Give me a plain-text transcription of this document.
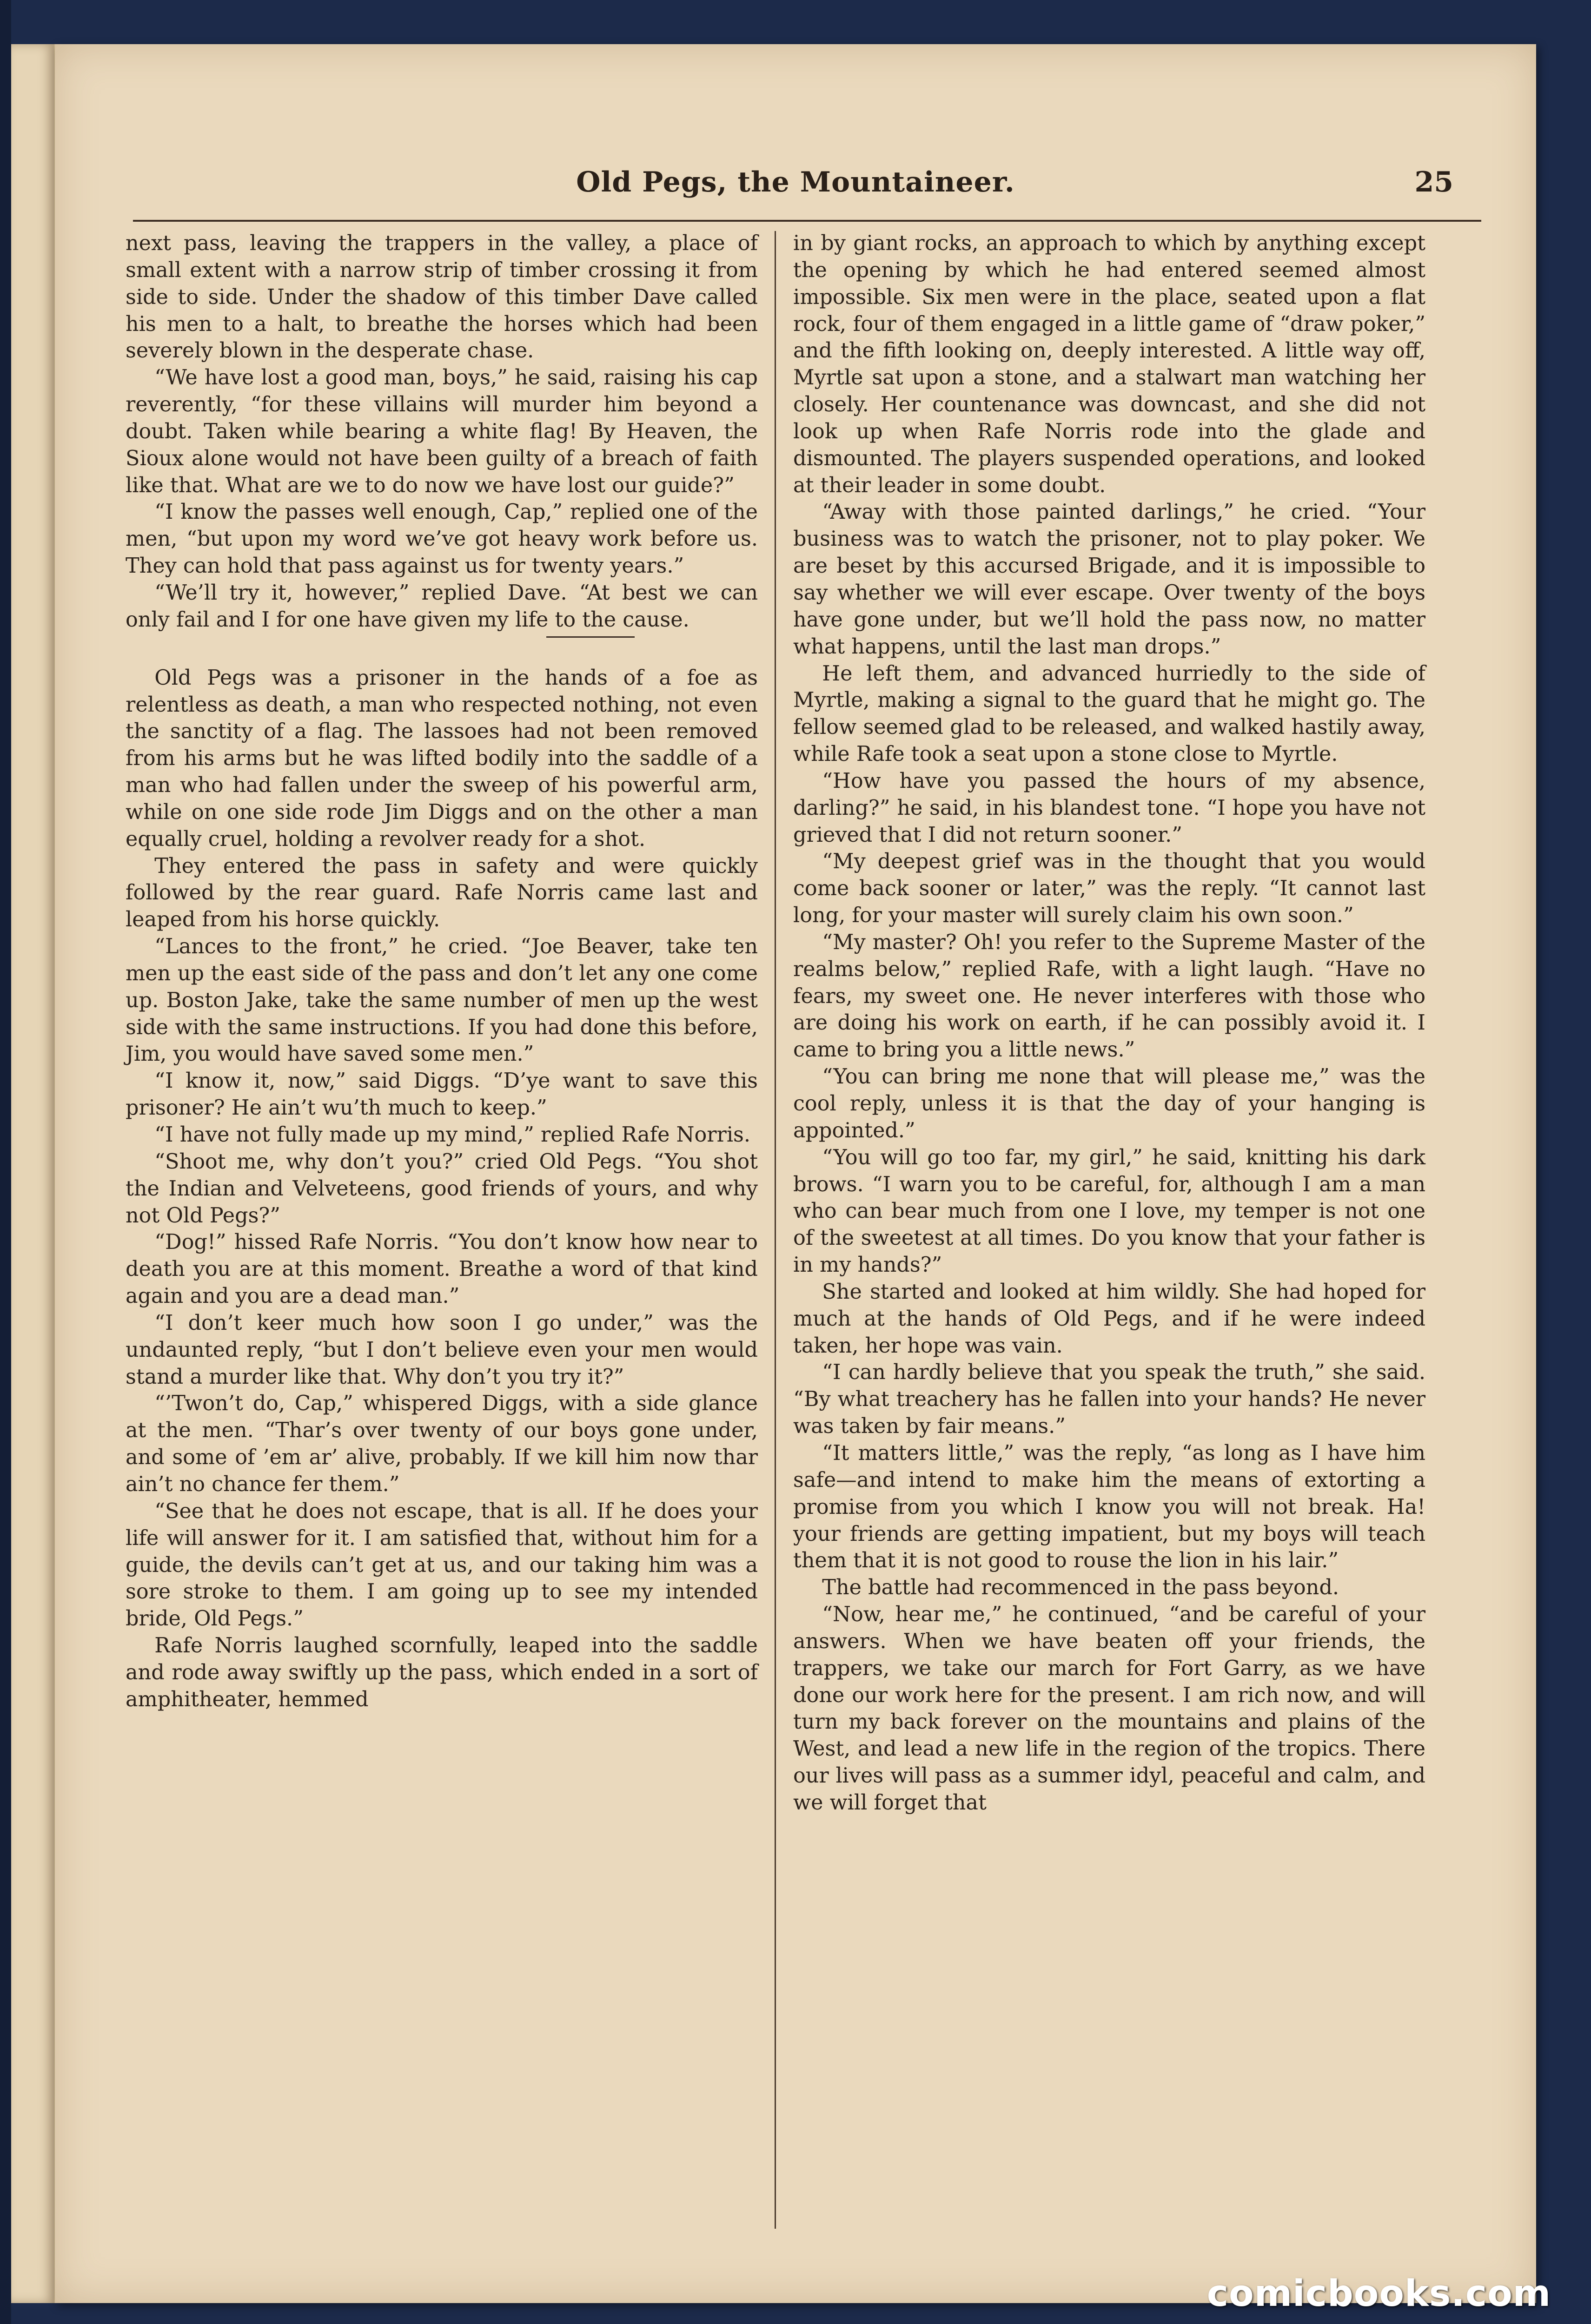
Old Pegs, the Mountaineer.	25

next pass, leaving the trappers in the valley, a place of small extent with a narrow strip of timber crossing it from side to side. Under the shadow of this timber Dave called his men to a halt, to breathe the horses which had been severely blown in the desperate chase.

“We have lost a good man, boys,” he said, raising his cap reverently, “for these villains will murder him beyond a doubt. Taken while bearing a white flag! By Heaven, the Sioux alone would not have been guilty of a breach of faith like that. What are we to do now we have lost our guide?”

“I know the passes well enough, Cap,” replied one of the men, “but upon my word we’ve got heavy work before us. They can hold that pass against us for twenty years.”

“We’ll try it, however,” replied Dave. “At best we can only fail and I for one have given my life to the cause.

Old Pegs was a prisoner in the hands of a foe as relentless as death, a man who respected nothing, not even the sanctity of a flag. The lassoes had not been removed from his arms but he was lifted bodily into the saddle of a man who had fallen under the sweep of his powerful arm, while on one side rode Jim Diggs and on the other a man equally cruel, holding a revolver ready for a shot.

They entered the pass in safety and were quickly followed by the rear guard. Rafe Norris came last and leaped from his horse quickly.

“Lances to the front,” he cried. “Joe Beaver, take ten men up the east side of the pass and don’t let any one come up. Boston Jake, take the same number of men up the west side with the same instructions. If you had done this before, Jim, you would have saved some men.”

“I know it, now,” said Diggs. “D’ye want to save this prisoner? He ain’t wu’th much to keep.”

“I have not fully made up my mind,” replied Rafe Norris.

“Shoot me, why don’t you?” cried Old Pegs. “You shot the Indian and Velveteens, good friends of yours, and why not Old Pegs?”

“Dog!” hissed Rafe Norris. “You don’t know how near to death you are at this moment. Breathe a word of that kind again and you are a dead man.”

“I don’t keer much how soon I go under,” was the undaunted reply, “but I don’t believe even your men would stand a murder like that. Why don’t you try it?”

“’Twon’t do, Cap,” whispered Diggs, with a side glance at the men. “Thar’s over twenty of our boys gone under, and some of ’em ar’ alive, probably. If we kill him now thar ain’t no chance fer them.”

“See that he does not escape, that is all. If he does your life will answer for it. I am satisfied that, without him for a guide, the devils can’t get at us, and our taking him was a sore stroke to them. I am going up to see my intended bride, Old Pegs.”

Rafe Norris laughed scornfully, leaped into the saddle and rode away swiftly up the pass, which ended in a sort of amphitheater, hemmed

in by giant rocks, an approach to which by anything except the opening by which he had entered seemed almost impossible. Six men were in the place, seated upon a flat rock, four of them engaged in a little game of “draw poker,” and the fifth looking on, deeply interested. A little way off, Myrtle sat upon a stone, and a stalwart man watching her closely. Her countenance was downcast, and she did not look up when Rafe Norris rode into the glade and dismounted. The players suspended operations, and looked at their leader in some doubt.

“Away with those painted darlings,” he cried. “Your business was to watch the prisoner, not to play poker. We are beset by this accursed Brigade, and it is impossible to say whether we will ever escape. Over twenty of the boys have gone under, but we’ll hold the pass now, no matter what happens, until the last man drops.”

He left them, and advanced hurriedly to the side of Myrtle, making a signal to the guard that he might go. The fellow seemed glad to be released, and walked hastily away, while Rafe took a seat upon a stone close to Myrtle.

“How have you passed the hours of my absence, darling?” he said, in his blandest tone. “I hope you have not grieved that I did not return sooner.”

“My deepest grief was in the thought that you would come back sooner or later,” was the reply. “It cannot last long, for your master will surely claim his own soon.”

“My master? Oh! you refer to the Supreme Master of the realms below,” replied Rafe, with a light laugh. “Have no fears, my sweet one. He never interferes with those who are doing his work on earth, if he can possibly avoid it. I came to bring you a little news.”

“You can bring me none that will please me,” was the cool reply, unless it is that the day of your hanging is appointed.”

“You will go too far, my girl,” he said, knitting his dark brows. “I warn you to be careful, for, although I am a man who can bear much from one I love, my temper is not one of the sweetest at all times. Do you know that your father is in my hands?”

She started and looked at him wildly. She had hoped for much at the hands of Old Pegs, and if he were indeed taken, her hope was vain.

“I can hardly believe that you speak the truth,” she said. “By what treachery has he fallen into your hands? He never was taken by fair means.”

“It matters little,” was the reply, “as long as I have him safe—and intend to make him the means of extorting a promise from you which I know you will not break. Ha! your friends are getting impatient, but my boys will teach them that it is not good to rouse the lion in his lair.”

The battle had recommenced in the pass beyond.

“Now, hear me,” he continued, “and be careful of your answers. When we have beaten off your friends, the trappers, we take our march for Fort Garry, as we have done our work here for the present. I am rich now, and will turn my back forever on the mountains and plains of the West, and lead a new life in the region of the tropics. There our lives will pass as a summer idyl, peaceful and calm, and we will forget that

comicbooks.com
